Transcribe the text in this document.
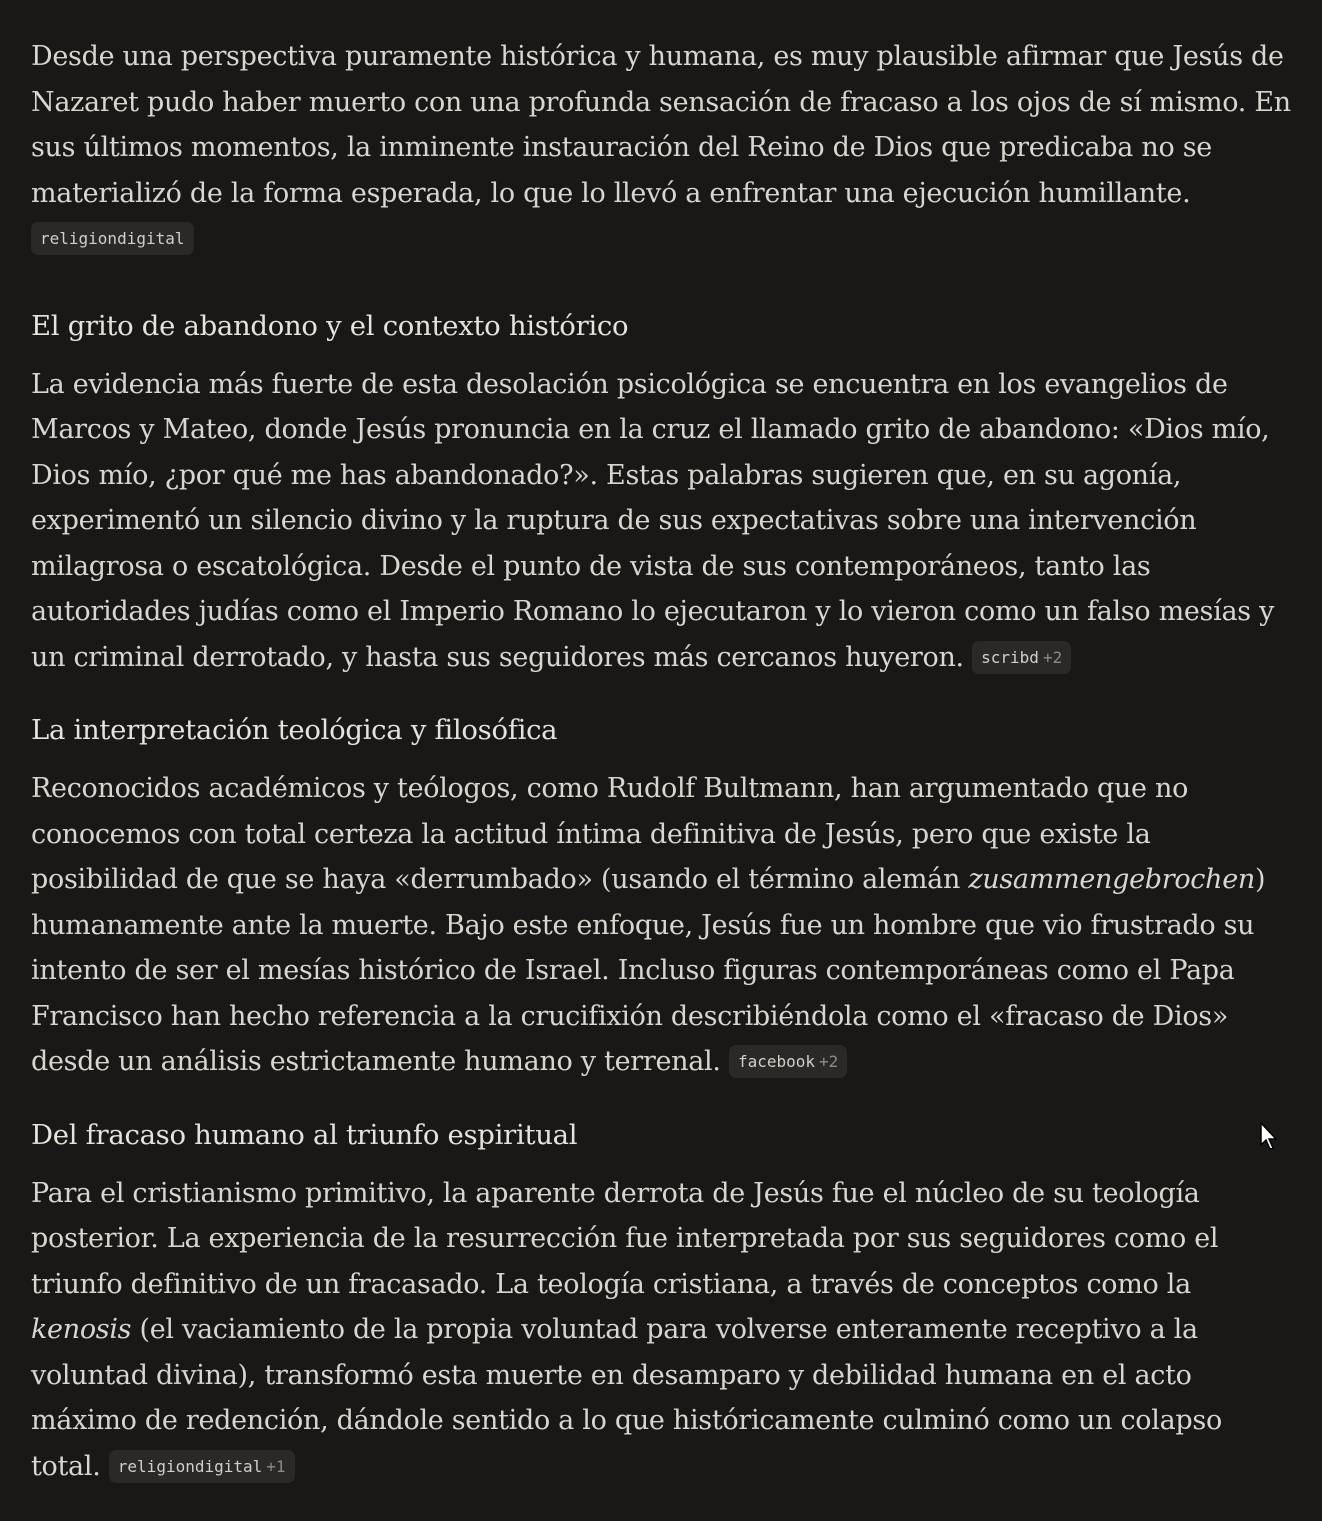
Desde una perspectiva puramente histórica y humana, es muy plausible afirmar que Jesús de Nazaret pudo haber muerto con una profunda sensación de fracaso a los ojos de sí mismo. En sus últimos momentos, la inminente instauración del Reino de Dios que predicaba no se materializó de la forma esperada, lo que lo llevó a enfrentar una ejecución humillante.
religiondigital

El grito de abandono y el contexto histórico

La evidencia más fuerte de esta desolación psicológica se encuentra en los evangelios de Marcos y Mateo, donde Jesús pronuncia en la cruz el llamado grito de abandono: «Dios mío, Dios mío, ¿por qué me has abandonado?». Estas palabras sugieren que, en su agonía, experimentó un silencio divino y la ruptura de sus expectativas sobre una intervención milagrosa o escatológica. Desde el punto de vista de sus contemporáneos, tanto las autoridades judías como el Imperio Romano lo ejecutaron y lo vieron como un falso mesías y un criminal derrotado, y hasta sus seguidores más cercanos huyeron. scribd +2

La interpretación teológica y filosófica

Reconocidos académicos y teólogos, como Rudolf Bultmann, han argumentado que no conocemos con total certeza la actitud íntima definitiva de Jesús, pero que existe la posibilidad de que se haya «derrumbado» (usando el término alemán zusammengebrochen) humanamente ante la muerte. Bajo este enfoque, Jesús fue un hombre que vio frustrado su intento de ser el mesías histórico de Israel. Incluso figuras contemporáneas como el Papa Francisco han hecho referencia a la crucifixión describiéndola como el «fracaso de Dios» desde un análisis estrictamente humano y terrenal. facebook +2

Del fracaso humano al triunfo espiritual

Para el cristianismo primitivo, la aparente derrota de Jesús fue el núcleo de su teología posterior. La experiencia de la resurrección fue interpretada por sus seguidores como el triunfo definitivo de un fracasado. La teología cristiana, a través de conceptos como la kenosis (el vaciamiento de la propia voluntad para volverse enteramente receptivo a la voluntad divina), transformó esta muerte en desamparo y debilidad humana en el acto máximo de redención, dándole sentido a lo que históricamente culminó como un colapso total. religiondigital +1
